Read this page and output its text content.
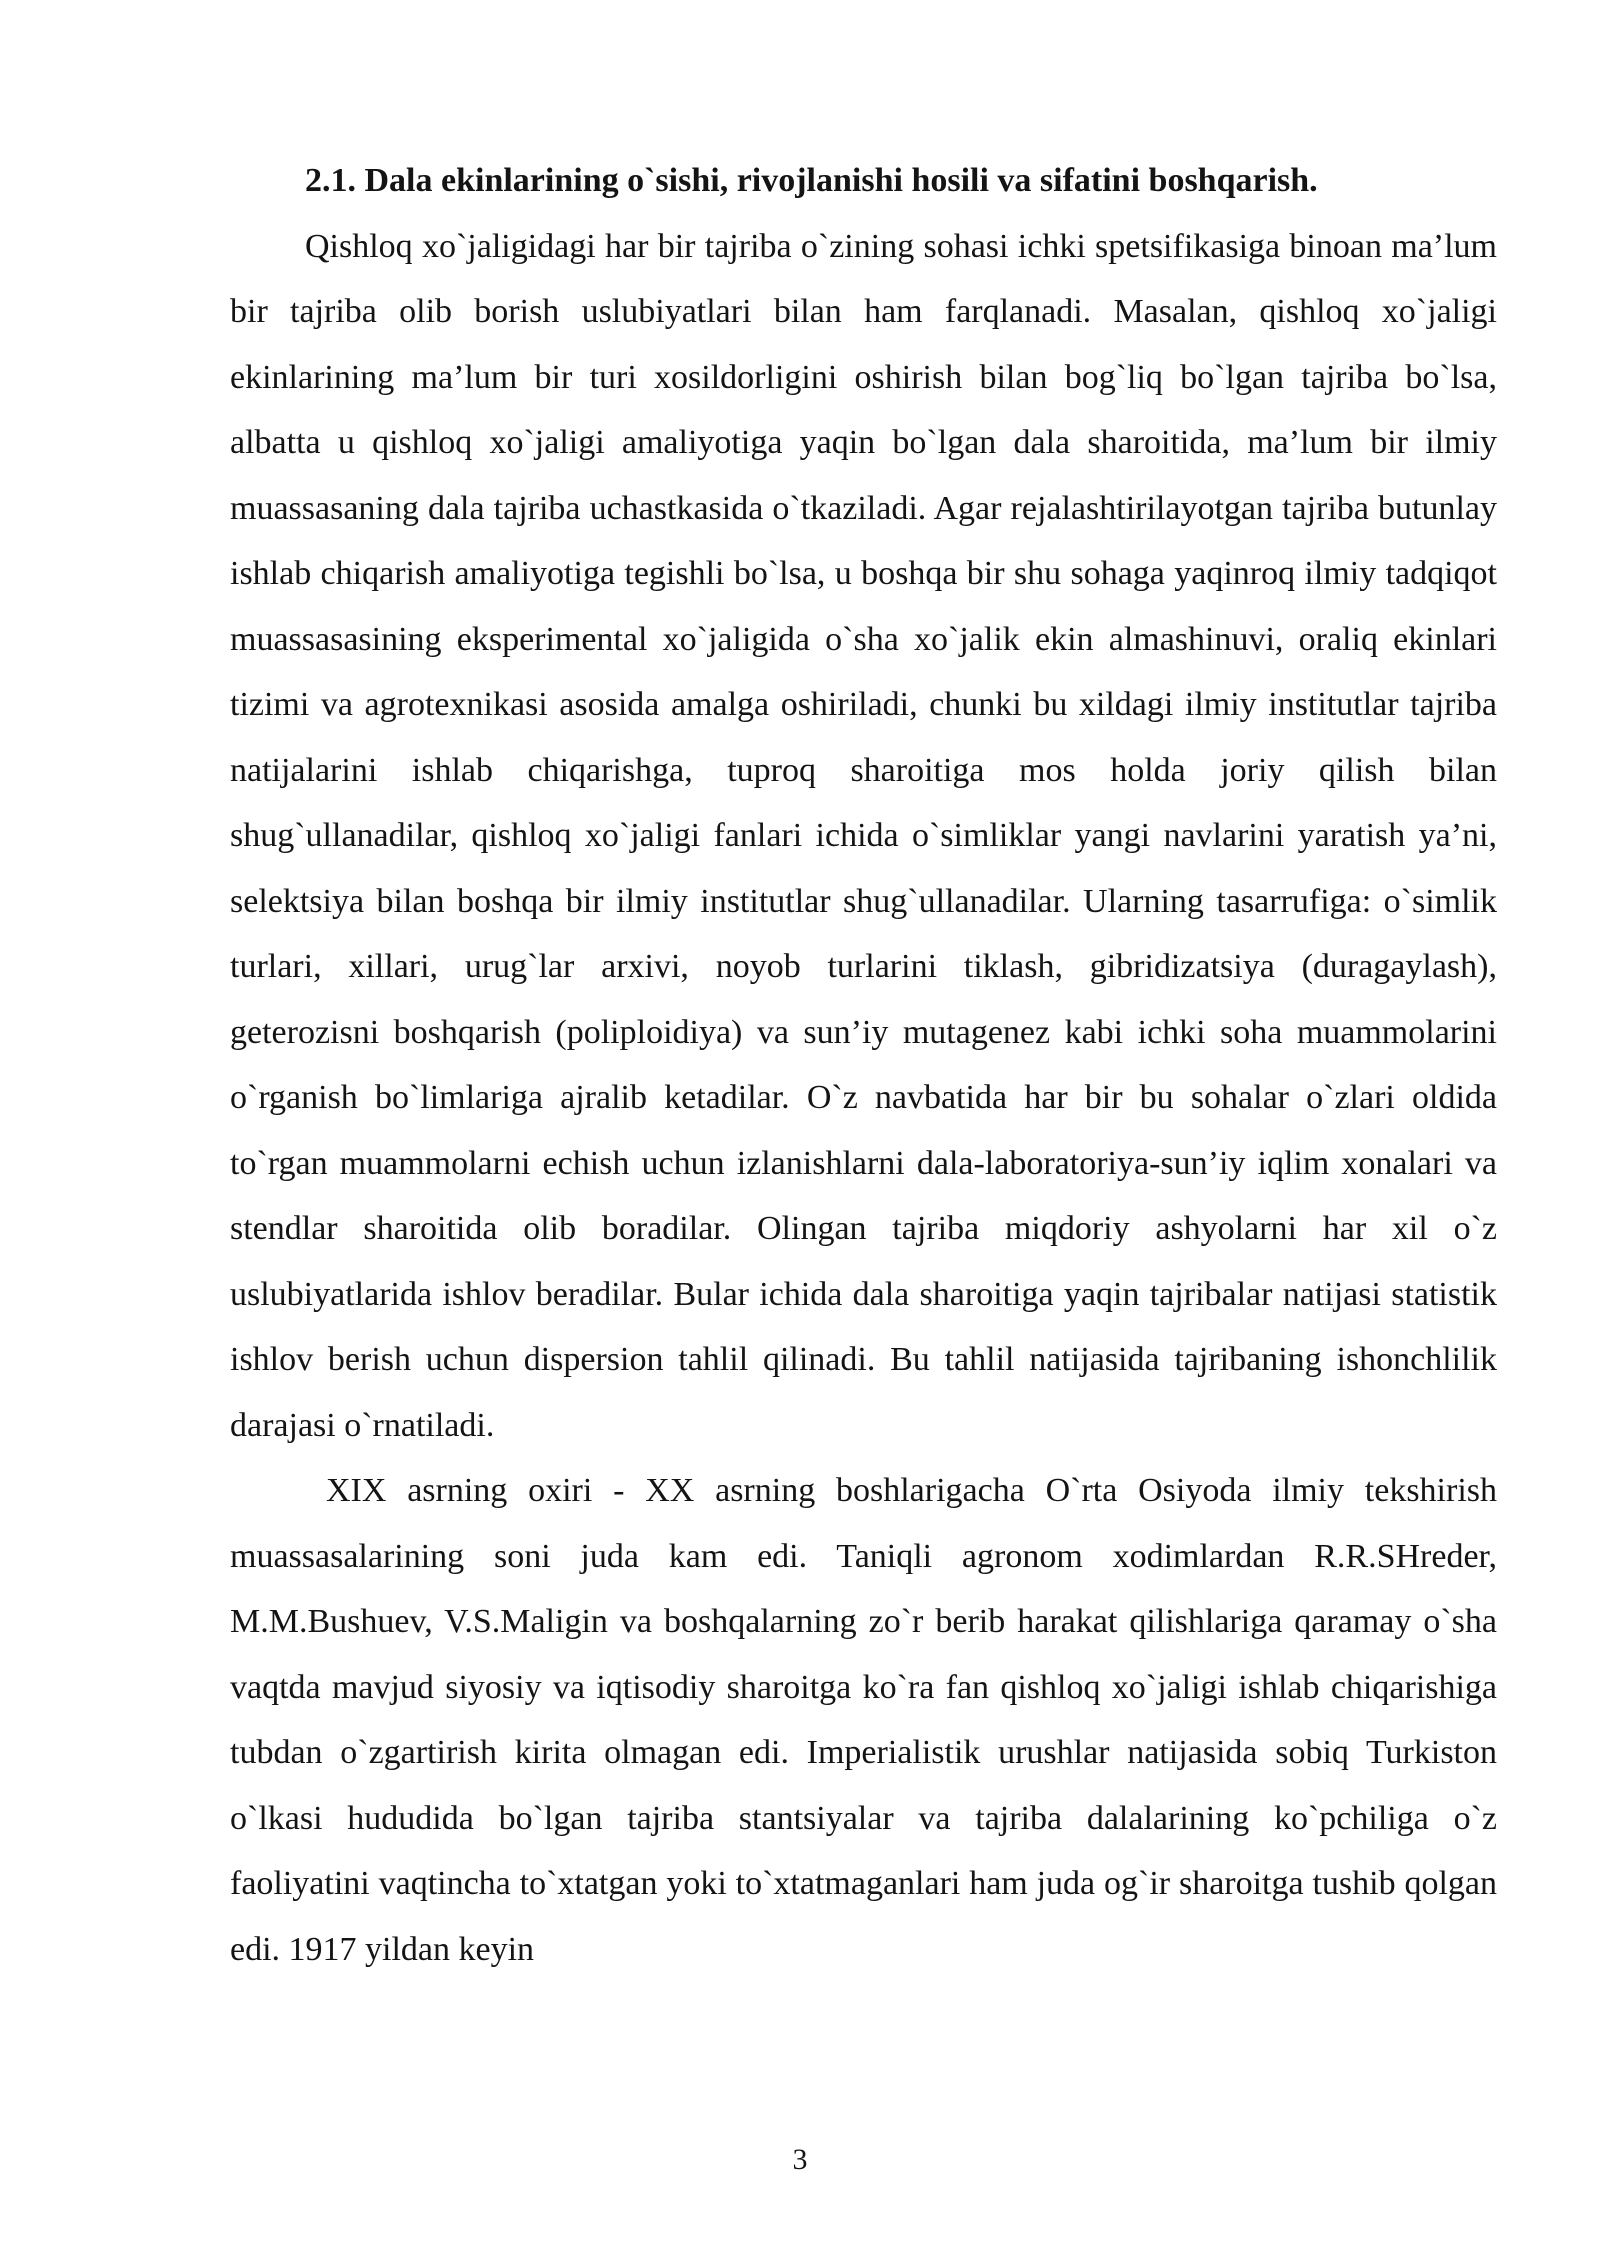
2.1. Dala ekinlarining o`sishi, rivojlanishi hosili va sifatini boshqarish.

Qishloq xo`jaligidagi har bir tajriba o`zining sohasi ichki spetsifikasiga binoan ma’lum bir tajriba olib borish uslubiyatlari bilan ham farqlanadi. Masalan, qishloq xo`jaligi ekinlarining ma’lum bir turi xosildorligini oshirish bilan bog`liq bo`lgan tajriba bo`lsa, albatta u qishloq xo`jaligi amaliyotiga yaqin bo`lgan dala sharoitida, ma’lum bir ilmiy muassasaning dala tajriba uchastkasida o`tkaziladi. Agar rejalashtirilayotgan tajriba butunlay ishlab chiqarish amaliyotiga tegishli bo`lsa, u boshqa bir shu sohaga yaqinroq ilmiy tadqiqot muassasasining eksperimental xo`jaligida o`sha xo`jalik ekin almashinuvi, oraliq ekinlari tizimi va agrotexnikasi asosida amalga oshiriladi, chunki bu xildagi ilmiy institutlar tajriba natijalarini ishlab chiqarishga, tuproq sharoitiga mos holda joriy qilish bilan shug`ullanadilar, qishloq xo`jaligi fanlari ichida o`simliklar yangi navlarini yaratish ya’ni, selektsiya bilan boshqa bir ilmiy institutlar shug`ullanadilar. Ularning tasarrufiga: o`simlik turlari, xillari, urug`lar arxivi, noyob turlarini tiklash, gibridizatsiya (duragaylash), geterozisni boshqarish (poliploidiya) va sun’iy mutagenez kabi ichki soha muammolarini o`rganish bo`limlariga ajralib ketadilar. O`z navbatida har bir bu sohalar o`zlari oldida to`rgan muammolarni echish uchun izlanishlarni dala-laboratoriya-sun’iy iqlim xonalari va stendlar sharoitida olib boradilar. Olingan tajriba miqdoriy ashyolarni har xil o`z uslubiyatlarida ishlov beradilar. Bular ichida dala sharoitiga yaqin tajribalar natijasi statistik ishlov berish uchun dispersion tahlil qilinadi. Bu tahlil natijasida tajribaning ishonchlilik darajasi o`rnatiladi.

XIX asrning oxiri - XX asrning boshlarigacha O`rta Osiyoda ilmiy tekshirish muassasalarining soni juda kam edi. Taniqli agronom xodimlardan R.R.SHreder, M.M.Bushuev, V.S.Maligin va boshqalarning zo`r berib harakat qilishlariga qaramay o`sha vaqtda mavjud siyosiy va iqtisodiy sharoitga ko`ra fan qishloq xo`jaligi ishlab chiqarishiga tubdan o`zgartirish kirita olmagan edi. Imperialistik urushlar natijasida sobiq Turkiston o`lkasi hududida bo`lgan tajriba stantsiyalar va tajriba dalalarining ko`pchiliga o`z faoliyatini vaqtincha to`xtatgan yoki to`xtatmaganlari ham juda og`ir sharoitga tushib qolgan edi. 1917 yildan keyin

3
